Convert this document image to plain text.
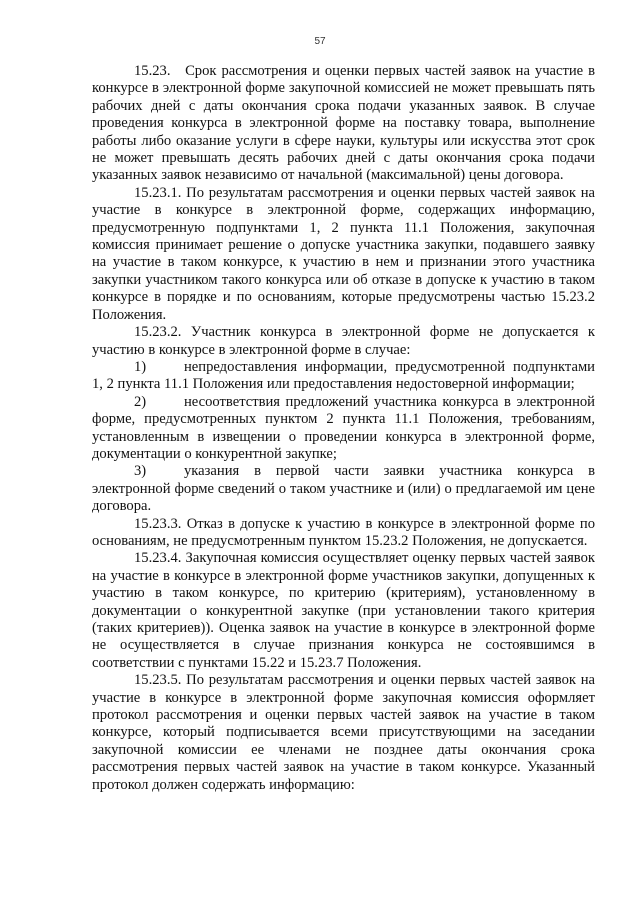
57

15.23. Срок рассмотрения и оценки первых частей заявок на участие в конкурсе в электронной форме закупочной комиссией не может превышать пять рабочих дней с даты окончания срока подачи указанных заявок. В случае проведения конкурса в электронной форме на поставку товара, выполнение работы либо оказание услуги в сфере науки, культуры или искусства этот срок не может превышать десять рабочих дней с даты окончания срока подачи указанных заявок независимо от начальной (максимальной) цены договора.

15.23.1. По результатам рассмотрения и оценки первых частей заявок на участие в конкурсе в электронной форме, содержащих информацию, предусмотренную подпунктами 1, 2 пункта 11.1 Положения, закупочная комиссия принимает решение о допуске участника закупки, подавшего заявку на участие в таком конкурсе, к участию в нем и признании этого участника закупки участником такого конкурса или об отказе в допуске к участию в таком конкурсе в порядке и по основаниям, которые предусмотрены частью 15.23.2 Положения.

15.23.2. Участник конкурса в электронной форме не допускается к участию в конкурсе в электронной форме в случае:

1)	непредоставления информации, предусмотренной подпунктами 1, 2 пункта 11.1 Положения или предоставления недостоверной информации;

2)	несоответствия предложений участника конкурса в электронной форме, предусмотренных пунктом 2 пункта 11.1 Положения, требованиям, установленным в извещении о проведении конкурса в электронной форме, документации о конкурентной закупке;

3)	указания в первой части заявки участника конкурса в электронной форме сведений о таком участнике и (или) о предлагаемой им цене договора.

15.23.3. Отказ в допуске к участию в конкурсе в электронной форме по основаниям, не предусмотренным пунктом 15.23.2 Положения, не допускается.

15.23.4. Закупочная комиссия осуществляет оценку первых частей заявок на участие в конкурсе в электронной форме участников закупки, допущенных к участию в таком конкурсе, по критерию (критериям), установленному в документации о конкурентной закупке (при установлении такого критерия (таких критериев)). Оценка заявок на участие в конкурсе в электронной форме не осуществляется в случае признания конкурса не состоявшимся в соответствии с пунктами 15.22 и 15.23.7 Положения.

15.23.5. По результатам рассмотрения и оценки первых частей заявок на участие в конкурсе в электронной форме закупочная комиссия оформляет протокол рассмотрения и оценки первых частей заявок на участие в таком конкурсе, который подписывается всеми присутствующими на заседании закупочной комиссии ее членами не позднее даты окончания срока рассмотрения первых частей заявок на участие в таком конкурсе. Указанный протокол должен содержать информацию:
